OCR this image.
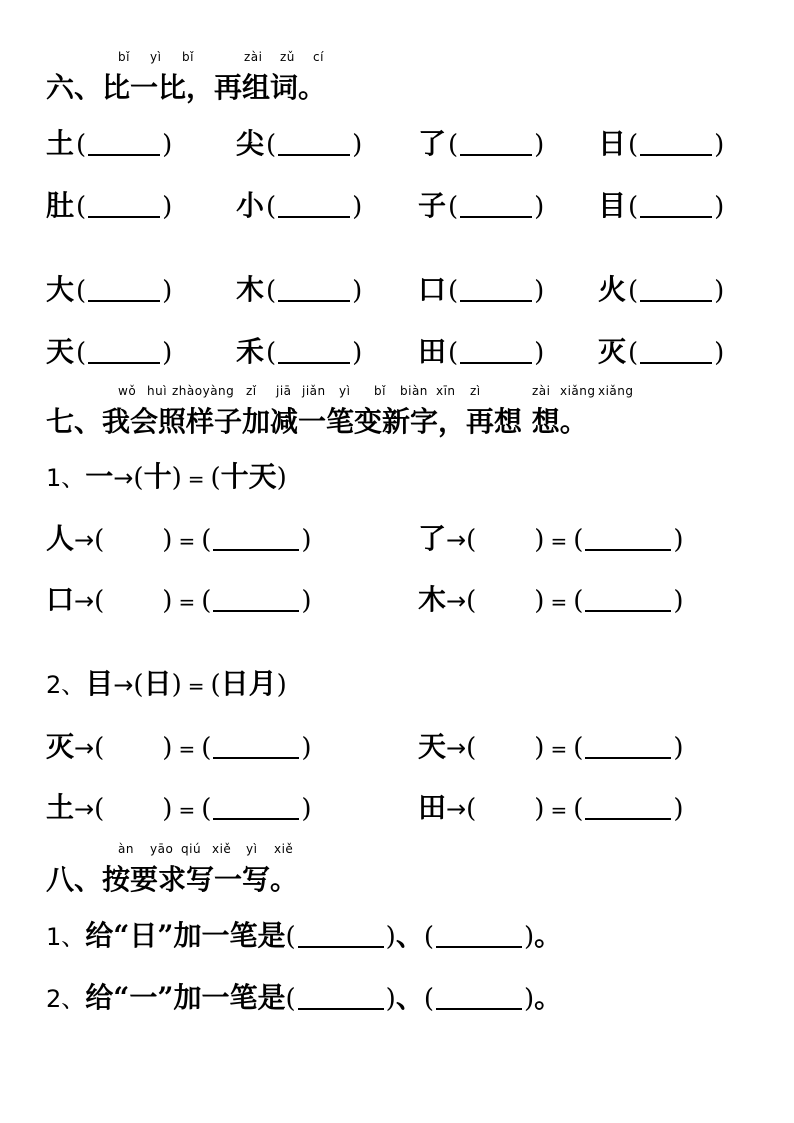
bǐ yì bǐ	zài zǔ cí
六、比一比，再组词。
土(	) 尖(	) 了(	) 日(	)
肚(	) 小(	) 子(	) 目(	)
大(	) 木(	) 口(	) 火(	)
天(	) 禾(	) 田(	) 灭(	)
wǒ huì zhàoyàng zǐ jiā jiǎn yì bǐ biàn xīn zì	zài xiǎng xiǎng
七、我会照样子加减一笔变新字，再想 想。
1、一→(十) = (十天)
人→( ) = (	)	了→( ) = (	)
口→( ) = (	)	木→( ) = (	)
2、目→(日) = (日月)
灭→( ) = (	)	天→( ) = (	)
土→( ) = (	)	田→( ) = (	)
àn yāo qiú xiě yì xiě
八、按要求写一写。
1、给“日”加一笔是(	)、(	)。
2、给“一”加一笔是(	)、(	)。
